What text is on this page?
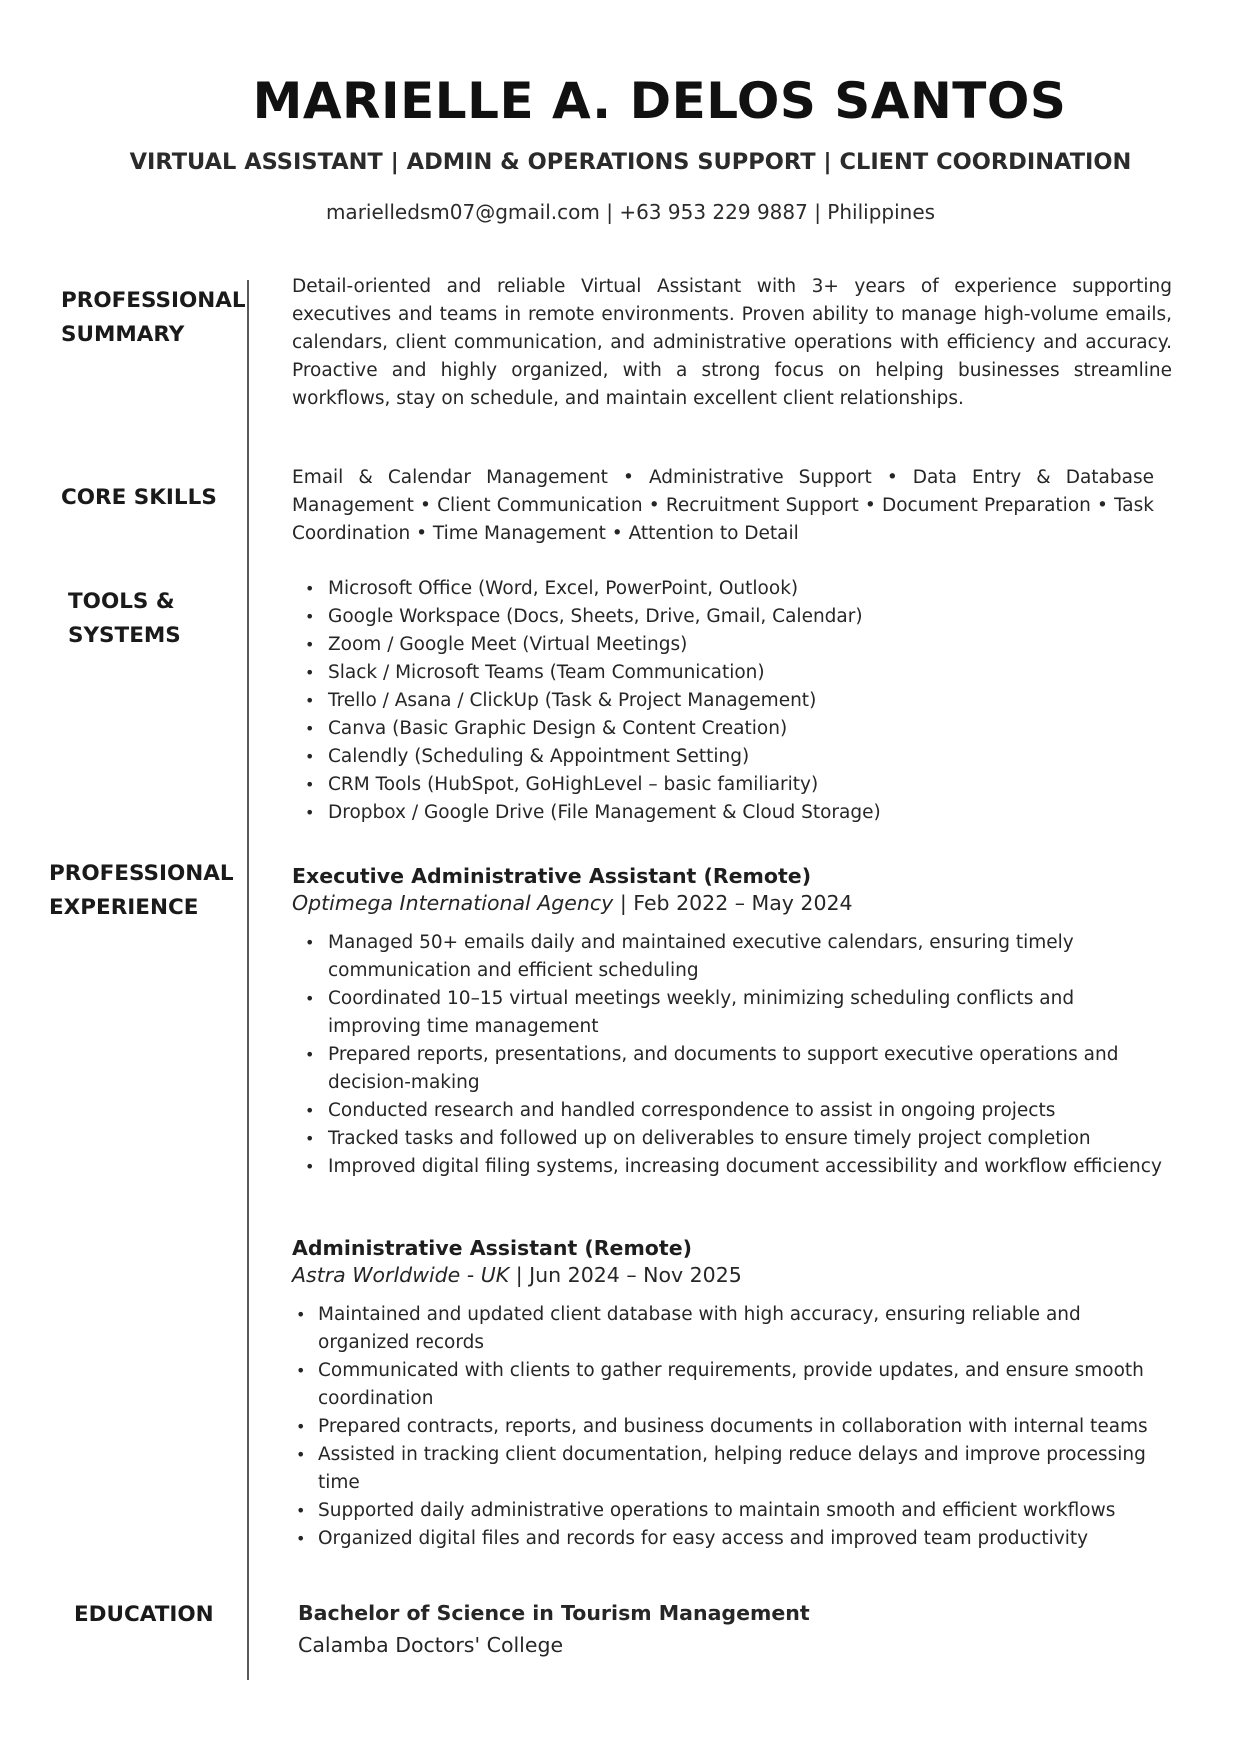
MARIELLE A. DELOS SANTOS
VIRTUAL ASSISTANT | ADMIN & OPERATIONS SUPPORT | CLIENT COORDINATION
marielledsm07@gmail.com | +63 953 229 9887 | Philippines
PROFESSIONAL
SUMMARY
Detail-oriented and reliable Virtual Assistant with 3+ years of experience supporting executives and teams in remote environments. Proven ability to manage high-volume emails, calendars, client communication, and administrative operations with efficiency and accuracy. Proactive and highly organized, with a strong focus on helping businesses streamline workflows, stay on schedule, and maintain excellent client relationships.
CORE SKILLS
Email & Calendar Management • Administrative Support • Data Entry & Database Management • Client Communication • Recruitment Support • Document Preparation • Task Coordination • Time Management • Attention to Detail
TOOLS &
SYSTEMS
• Microsoft Office (Word, Excel, PowerPoint, Outlook)
• Google Workspace (Docs, Sheets, Drive, Gmail, Calendar)
• Zoom / Google Meet (Virtual Meetings)
• Slack / Microsoft Teams (Team Communication)
• Trello / Asana / ClickUp (Task & Project Management)
• Canva (Basic Graphic Design & Content Creation)
• Calendly (Scheduling & Appointment Setting)
• CRM Tools (HubSpot, GoHighLevel – basic familiarity)
• Dropbox / Google Drive (File Management & Cloud Storage)
PROFESSIONAL
EXPERIENCE
Executive Administrative Assistant (Remote)
Optimega International Agency | Feb 2022 – May 2024
• Managed 50+ emails daily and maintained executive calendars, ensuring timely communication and efficient scheduling
• Coordinated 10–15 virtual meetings weekly, minimizing scheduling conflicts and improving time management
• Prepared reports, presentations, and documents to support executive operations and decision-making
• Conducted research and handled correspondence to assist in ongoing projects
• Tracked tasks and followed up on deliverables to ensure timely project completion
• Improved digital filing systems, increasing document accessibility and workflow efficiency
Administrative Assistant (Remote)
Astra Worldwide - UK | Jun 2024 – Nov 2025
• Maintained and updated client database with high accuracy, ensuring reliable and organized records
• Communicated with clients to gather requirements, provide updates, and ensure smooth coordination
• Prepared contracts, reports, and business documents in collaboration with internal teams
• Assisted in tracking client documentation, helping reduce delays and improve processing time
• Supported daily administrative operations to maintain smooth and efficient workflows
• Organized digital files and records for easy access and improved team productivity
EDUCATION	Bachelor of Science in Tourism Management
Calamba Doctors' College
